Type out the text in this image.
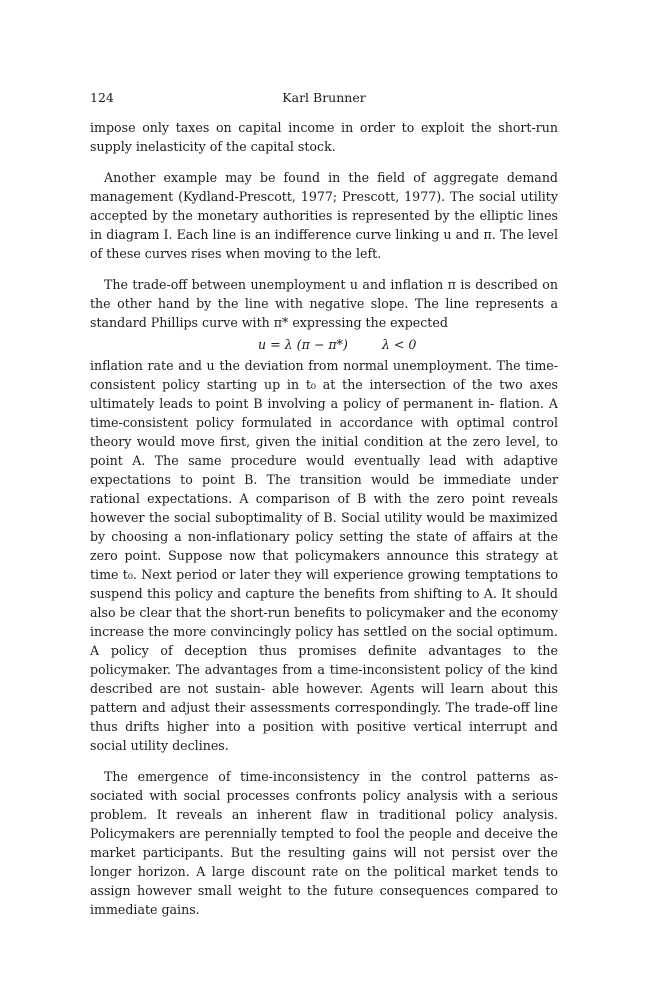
124	Karl Brunner

impose only taxes on capital income in order to exploit the short-run supply inelasticity of the capital stock.

Another example may be found in the field of aggregate demand management (Kydland-Prescott, 1977; Prescott, 1977). The social utility accepted by the monetary authorities is represented by the elliptic lines in diagram I. Each line is an indifference curve linking u and π. The level of these curves rises when moving to the left.

The trade-off between unemployment u and inflation π is described on the other hand by the line with negative slope. The line represents a standard Phillips curve with π* expressing the expected

u = λ (π − π*)	λ < 0

inflation rate and u the deviation from normal unemployment. The time-consistent policy starting up in t₀ at the intersection of the two axes ultimately leads to point B involving a policy of permanent in- flation. A time-consistent policy formulated in accordance with optimal control theory would move first, given the initial condition at the zero level, to point A. The same procedure would eventually lead with adaptive expectations to point B. The transition would be immediate under rational expectations. A comparison of B with the zero point reveals however the social suboptimality of B. Social utility would be maximized by choosing a non-inflationary policy setting the state of affairs at the zero point. Suppose now that policymakers announce this strategy at time t₀. Next period or later they will experience growing temptations to suspend this policy and capture the benefits from shifting to A. It should also be clear that the short-run benefits to policymaker and the economy increase the more convincingly policy has settled on the social optimum. A policy of deception thus promises definite advantages to the policymaker. The advantages from a time-inconsistent policy of the kind described are not sustain- able however. Agents will learn about this pattern and adjust their assessments correspondingly. The trade-off line thus drifts higher into a position with positive vertical interrupt and social utility declines.

The emergence of time-inconsistency in the control patterns as- sociated with social processes confronts policy analysis with a serious problem. It reveals an inherent flaw in traditional policy analysis. Policymakers are perennially tempted to fool the people and deceive the market participants. But the resulting gains will not persist over the longer horizon. A large discount rate on the political market tends to assign however small weight to the future consequences compared to immediate gains.
